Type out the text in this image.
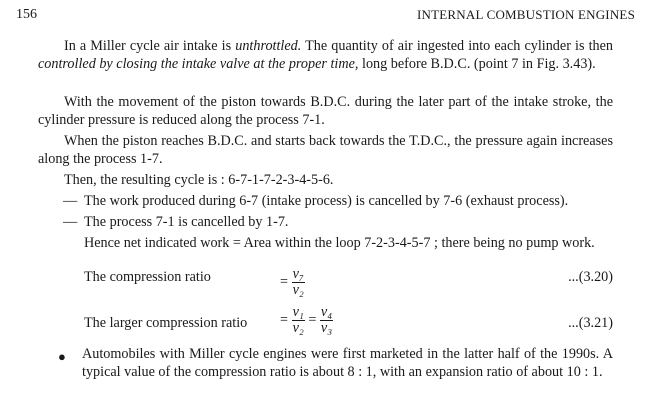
156	INTERNAL COMBUSTION ENGINES
In a Miller cycle air intake is unthrottled. The quantity of air ingested into each cylinder is then controlled by closing the intake valve at the proper time, long before B.D.C. (point 7 in Fig. 3.43).
With the movement of the piston towards B.D.C. during the later part of the intake stroke, the cylinder pressure is reduced along the process 7-1.
When the piston reaches B.D.C. and starts back towards the T.D.C., the pressure again increases along the process 1-7.
Then, the resulting cycle is : 6-7-1-7-2-3-4-5-6.
— The work produced during 6-7 (intake process) is cancelled by 7-6 (exhaust process).
— The process 7-1 is cancelled by 1-7.
Hence net indicated work = Area within the loop 7-2-3-4-5-7 ; there being no pump work.
The compression ratio	= $\frac{\text{v₇}}{\text{v₂}}$	...(3.20)
The larger compression ratio = $\frac{\text{v₁}}{\text{v₂}} = \frac{\text{v₄}}{\text{v₃}}$	...(3.21)
● Automobiles with Miller cycle engines were first marketed in the latter half of the 1990s. A typical value of the compression ratio is about 8 : 1, with an expansion ratio of about 10 : 1.
